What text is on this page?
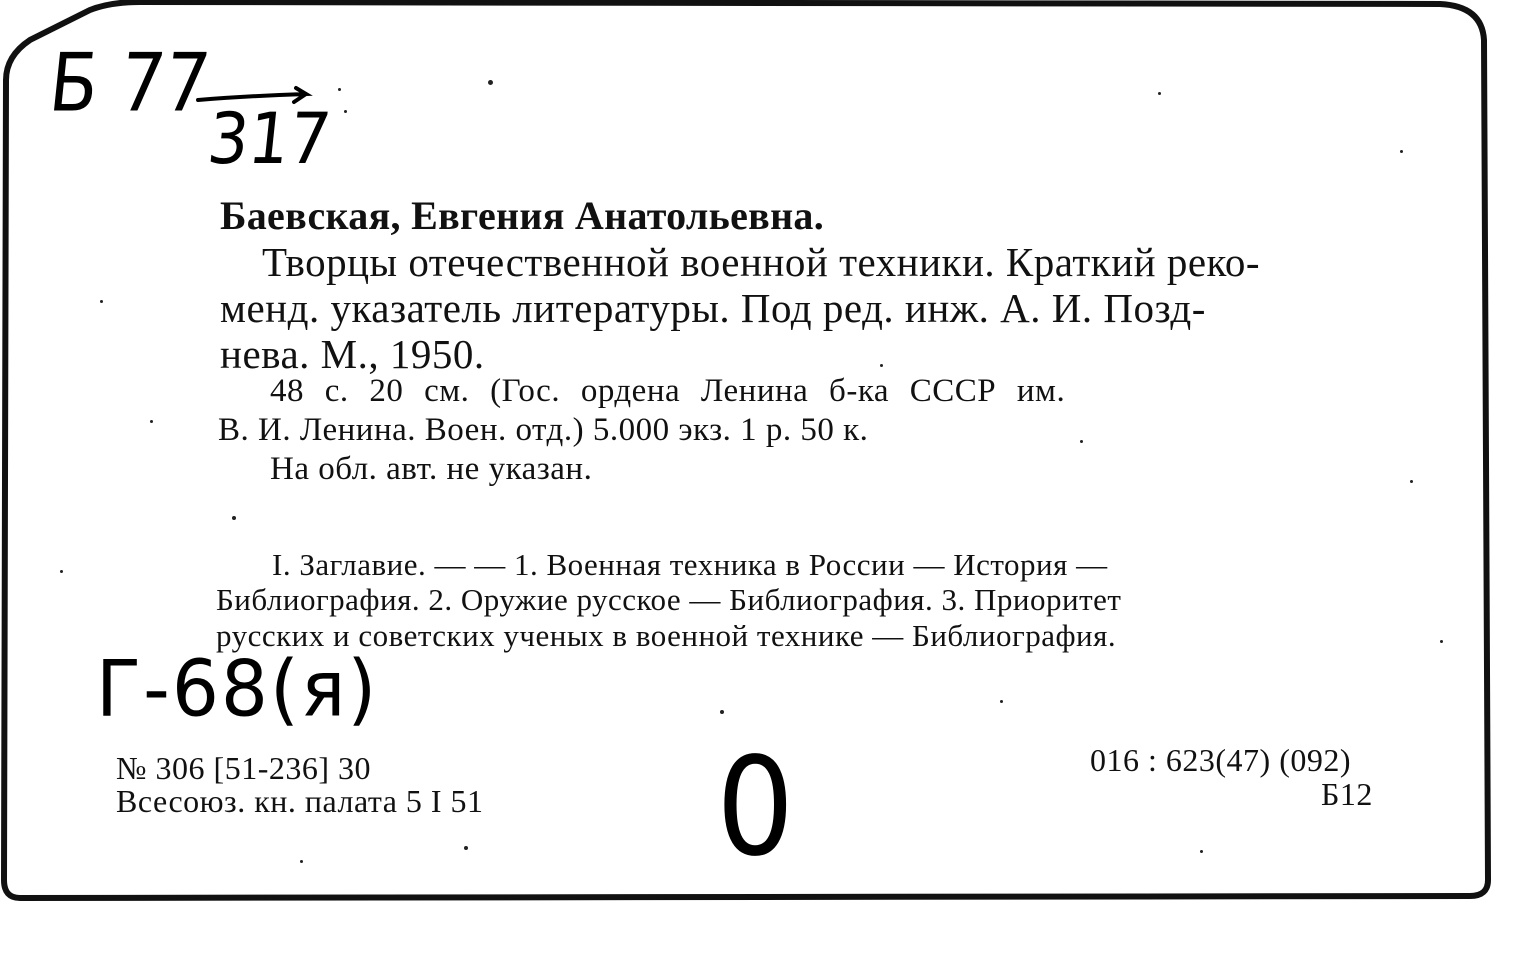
Б 77
317
Баевская, Евгения Анатольевна.
Творцы отечественной военной техники. Краткий реко-
менд. указатель литературы. Под ред. инж. А. И. Позд-
нева. М., 1950.
48 с. 20 см. (Гос. ордена Ленина б-ка СССР им.
В. И. Ленина. Воен. отд.) 5.000 экз. 1 р. 50 к.
На обл. авт. не указан.
I. Заглавие. — — 1. Военная техника в России — История —
Библиография. 2. Оружие русское — Библиография. 3. Приоритет
русских и советских ученых в военной технике — Библиография.
Г-68(я)
№ 306 [51-236] 30
Всесоюз. кн. палата 5 I 51 0	016 : 623(47) (092)
Б12
